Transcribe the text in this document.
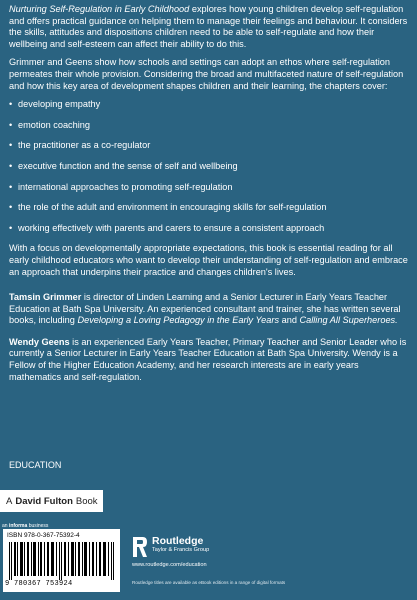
Nurturing Self-Regulation in Early Childhood explores how young children develop self-regulation and offers practical guidance on helping them to manage their feelings and behaviour. It considers the skills, attitudes and dispositions children need to be able to self-regulate and how their wellbeing and self-esteem can affect their ability to do this.

Grimmer and Geens show how schools and settings can adopt an ethos where self-regulation permeates their whole provision. Considering the broad and multifaceted nature of self-regulation and how this key area of development shapes children and their learning, the chapters cover:

• developing empathy
• emotion coaching
• the practitioner as a co-regulator
• executive function and the sense of self and wellbeing
• international approaches to promoting self-regulation
• the role of the adult and environment in encouraging skills for self-regulation
• working effectively with parents and carers to ensure a consistent approach

With a focus on developmentally appropriate expectations, this book is essential reading for all early childhood educators who want to develop their understanding of self-regulation and embrace an approach that underpins their practice and changes children's lives.

Tamsin Grimmer is director of Linden Learning and a Senior Lecturer in Early Years Teacher Education at Bath Spa University. An experienced consultant and trainer, she has written several books, including Developing a Loving Pedagogy in the Early Years and Calling All Superheroes.

Wendy Geens is an experienced Early Years Teacher, Primary Teacher and Senior Leader who is currently a Senior Lecturer in Early Years Teacher Education at Bath Spa University. Wendy is a Fellow of the Higher Education Academy, and her research interests are in early years mathematics and self-regulation.

EDUCATION
A David Fulton Book
an informa business
ISBN 978-0-367-75392-4
9 780367 753924
Routledge
Taylor & Francis Group
www.routledge.com/education
Routledge titles are available as eBook editions in a range of digital formats
